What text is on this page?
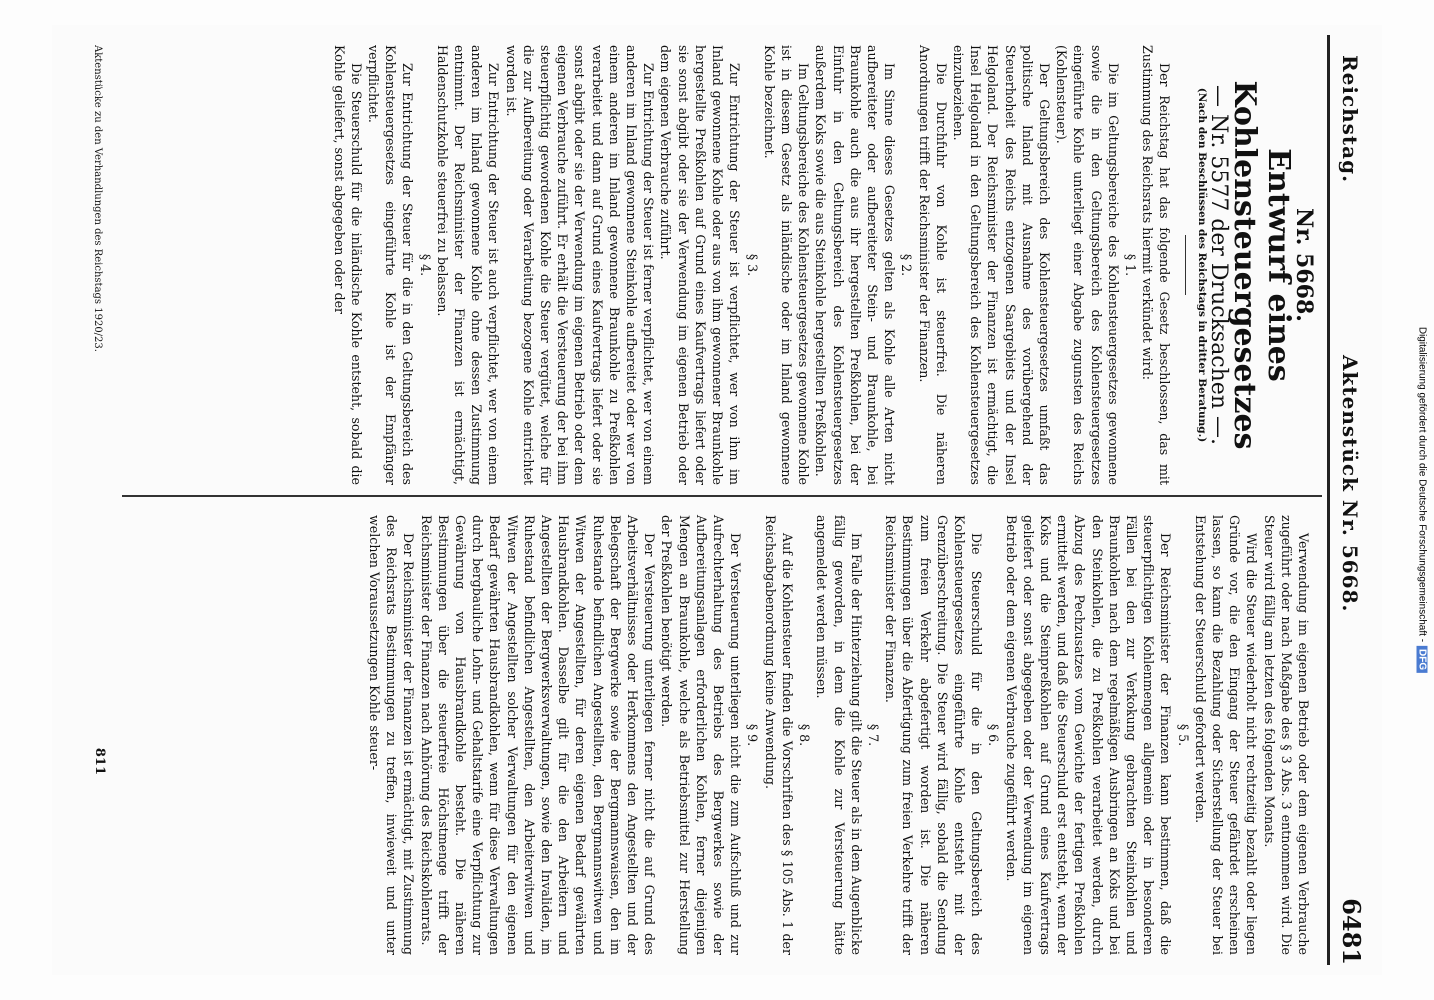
Reichstag.
Aktenstück Nr. 5668.
6481

Nr. 5668.

Entwurf eines Kohlensteuergesetzes

— Nr. 5577 der Drucksachen —.

(Nach den Beschlüssen des Reichstags in dritter Beratung.)

Der Reichstag hat das folgende Gesetz beschlossen, das mit Zustimmung des Reichsrats hiermit verkündet wird:

§ 1.

Die im Geltungsbereiche des Kohlensteuergesetzes gewonnene sowie die in den Geltungsbereich des Kohlensteuergesetzes eingeführte Kohle unterliegt einer Abgabe zugunsten des Reichs (Kohlensteuer).

Der Geltungsbereich des Kohlensteuergesetzes umfaßt das politische Inland mit Ausnahme des vorübergehend der Steuerhoheit des Reichs entzogenen Saargebiets und der Insel Helgoland. Der Reichsminister der Finanzen ist ermächtigt, die Insel Helgoland in den Geltungsbereich des Kohlensteuergesetzes einzubeziehen.

Die Durchfuhr von Kohle ist steuerfrei. Die näheren Anordnungen trifft der Reichsminister der Finanzen.

§ 2.

Im Sinne dieses Gesetzes gelten als Kohle alle Arten nicht aufbereiteter oder aufbereiteter Stein- und Braunkohle, bei Braunkohle auch die aus ihr hergestellten Preßkohlen, bei der Einfuhr in den Geltungsbereich des Kohlensteuergesetzes außerdem Koks sowie die aus Steinkohle hergestellten Preßkohlen.

Im Geltungsbereiche des Kohlensteuergesetzes gewonnene Kohle ist in diesem Gesetz als inländische oder im Inland gewonnene Kohle bezeichnet.

§ 3.

Zur Entrichtung der Steuer ist verpflichtet, wer von ihm im Inland gewonnene Kohle oder aus von ihm gewonnener Braunkohle hergestellte Preßkohlen auf Grund eines Kaufvertrags liefert oder sie sonst abgibt oder sie der Verwendung im eigenen Betrieb oder dem eigenen Verbrauche zuführt.

Zur Entrichtung der Steuer ist ferner verpflichtet, wer von einem anderen im Inland gewonnene Steinkohle aufbereitet oder wer von einem anderen im Inland gewonnene Braunkohle zu Preßkohlen verarbeitet und dann auf Grund eines Kaufvertrags liefert oder sie sonst abgibt oder sie der Verwendung im eigenen Betrieb oder dem eigenen Verbrauche zuführt. Er erhält die Versteuerung der bei ihm steuerpflichtig gewordenen Kohle die Steuer vergütet, welche für die zur Aufbereitung oder Verarbeitung bezogene Kohle entrichtet worden ist.

Zur Entrichtung der Steuer ist auch verpflichtet, wer von einem anderen im Inland gewonnene Kohle ohne dessen Zustimmung entnimmt. Der Reichsminister der Finanzen ist ermächtigt, Haldenschutzkohle steuerfrei zu belassen.

§ 4.

Zur Entrichtung der Steuer für die in den Geltungsbereich des Kohlensteuergesetzes eingeführte Kohle ist der Empfänger verpflichtet.

Die Steuerschuld für die inländische Kohle entsteht, sobald die Kohle geliefert, sonst abgegeben oder der

Verwendung im eigenen Betrieb oder dem eigenen Verbrauche zugeführt oder nach Maßgabe des § 3 Abs. 3 entnommen wird. Die Steuer wird fällig am letzten des folgenden Monats.

Wird die Steuer wiederholt nicht rechtzeitig bezahlt oder liegen Gründe vor, die den Eingang der Steuer gefährdet erscheinen lassen, so kann die Bezahlung oder Sicherstellung der Steuer bei Entstehung der Steuerschuld gefordert werden.

§ 5.

Der Reichsminister der Finanzen kann bestimmen, daß die steuerpflichtigen Kohlenmengen allgemein oder in besonderen Fällen bei den zur Verkokung gebrachten Steinkohlen und Braunkohlen nach dem regelmäßigen Ausbringen an Koks und bei den Steinkohlen, die zu Preßkohlen verarbeitet werden, durch Abzug des Pechzusatzes vom Gewichte der fertigen Preßkohlen ermittelt werden, und daß die Steuerschuld erst entsteht, wenn der Koks und die Steinpreßkohlen auf Grund eines Kaufvertrags geliefert oder sonst abgegeben oder der Verwendung im eigenen Betrieb oder dem eigenen Verbrauche zugeführt werden.

§ 6.

Die Steuerschuld für die in den Geltungsbereich des Kohlensteuergesetzes eingeführte Kohle entsteht mit der Grenzüberschreitung. Die Steuer wird fällig, sobald die Sendung zum freien Verkehr abgefertigt worden ist. Die näheren Bestimmungen über die Abfertigung zum freien Verkehre trifft der Reichsminister der Finanzen.

§ 7.

Im Falle der Hinterziehung gilt die Steuer als in dem Augenblicke fällig geworden, in dem die Kohle zur Versteuerung hätte angemeldet werden müssen.

§ 8.

Auf die Kohlensteuer finden die Vorschriften des § 105 Abs. 1 der Reichsabgabenordnung keine Anwendung.

§ 9.

Der Versteuerung unterliegen nicht die zum Aufschluß und zur Aufrechterhaltung des Betriebs des Bergwerkes sowie der Aufbereitungsanlagen erforderlichen Kohlen, ferner diejenigen Mengen an Braunkohle, welche als Betriebsmittel zur Herstellung der Preßkohlen benötigt werden.

Der Versteuerung unterliegen ferner nicht die auf Grund des Arbeitsverhältnisses oder Herkommens den Angestellten und der Belegschaft der Bergwerke sowie der Bergmannswaisen, den im Ruhestande befindlichen Angestellten, den Bergmannswitwen und Witwen der Angestellten, für deren eigenen Bedarf gewährten Hausbrandkohlen. Dasselbe gilt für die den Arbeitern und Angestellten der Bergwerksverwaltungen, sowie den Invaliden, im Ruhestand befindlichen Angestellten, den Arbeiterwitwen und Witwen der Angestellten solcher Verwaltungen für den eigenen Bedarf gewährten Hausbrandkohlen, wenn für diese Verwaltungen durch bergbauliche Lohn- und Gehaltstarife eine Verpflichtung zur Gewährung von Hausbrandkohle besteht. Die näheren Bestimmungen über die steuerfreie Höchstmenge trifft der Reichsminister der Finanzen nach Anhörung des Reichskohlenrats.

Der Reichsminister der Finanzen ist ermächtigt, mit Zustimmung des Reichsrats Bestimmungen zu treffen, inwieweit und unter welchen Voraussetzungen Kohle steuer-

Aktenstücke zu den Verhandlungen des Reichstags 1920/23.
811
Digitalisierung gefördert durch die Deutsche Forschungsgemeinschaft -DFG
